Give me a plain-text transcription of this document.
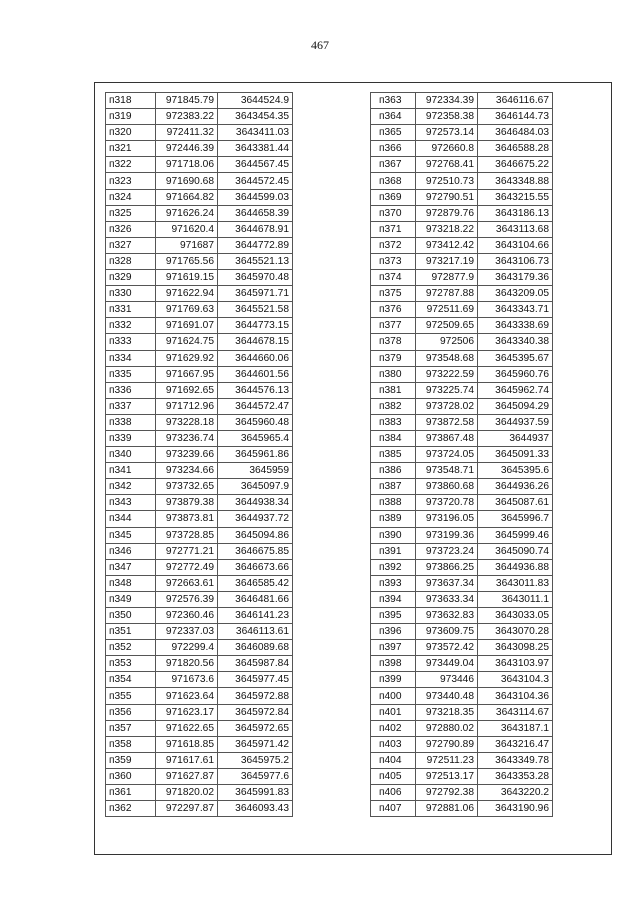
467
п318	971845.79	3644524.9
п319	972383.22	3643454.35
п320	972411.32	3643411.03
п321	972446.39	3643381.44
п322	971718.06	3644567.45
п323	971690.68	3644572.45
п324	971664.82	3644599.03
п325	971626.24	3644658.39
п326	971620.4	3644678.91
п327	971687	3644772.89
п328	971765.56	3645521.13
п329	971619.15	3645970.48
п330	971622.94	3645971.71
п331	971769.63	3645521.58
п332	971691.07	3644773.15
п333	971624.75	3644678.15
п334	971629.92	3644660.06
п335	971667.95	3644601.56
п336	971692.65	3644576.13
п337	971712.96	3644572.47
п338	973228.18	3645960.48
п339	973236.74	3645965.4
п340	973239.66	3645961.86
п341	973234.66	3645959
п342	973732.65	3645097.9
п343	973879.38	3644938.34
п344	973873.81	3644937.72
п345	973728.85	3645094.86
п346	972771.21	3646675.85
п347	972772.49	3646673.66
п348	972663.61	3646585.42
п349	972576.39	3646481.66
п350	972360.46	3646141.23
п351	972337.03	3646113.61
п352	972299.4	3646089.68
п353	971820.56	3645987.84
п354	971673.6	3645977.45
п355	971623.64	3645972.88
п356	971623.17	3645972.84
п357	971622.65	3645972.65
п358	971618.85	3645971.42
п359	971617.61	3645975.2
п360	971627.87	3645977.6
п361	971820.02	3645991.83
п362	972297.87	3646093.43
п363	972334.39	3646116.67
п364	972358.38	3646144.73
п365	972573.14	3646484.03
п366	972660.8	3646588.28
п367	972768.41	3646675.22
п368	972510.73	3643348.88
п369	972790.51	3643215.55
п370	972879.76	3643186.13
п371	973218.22	3643113.68
п372	973412.42	3643104.66
п373	973217.19	3643106.73
п374	972877.9	3643179.36
п375	972787.88	3643209.05
п376	972511.69	3643343.71
п377	972509.65	3643338.69
п378	972506	3643340.38
п379	973548.68	3645395.67
п380	973222.59	3645960.76
п381	973225.74	3645962.74
п382	973728.02	3645094.29
п383	973872.58	3644937.59
п384	973867.48	3644937
п385	973724.05	3645091.33
п386	973548.71	3645395.6
п387	973860.68	3644936.26
п388	973720.78	3645087.61
п389	973196.05	3645996.7
п390	973199.36	3645999.46
п391	973723.24	3645090.74
п392	973866.25	3644936.88
п393	973637.34	3643011.83
п394	973633.34	3643011.1
п395	973632.83	3643033.05
п396	973609.75	3643070.28
п397	973572.42	3643098.25
п398	973449.04	3643103.97
п399	973446	3643104.3
п400	973440.48	3643104.36
п401	973218.35	3643114.67
п402	972880.02	3643187.1
п403	972790.89	3643216.47
п404	972511.23	3643349.78
п405	972513.17	3643353.28
п406	972792.38	3643220.2
п407	972881.06	3643190.96
